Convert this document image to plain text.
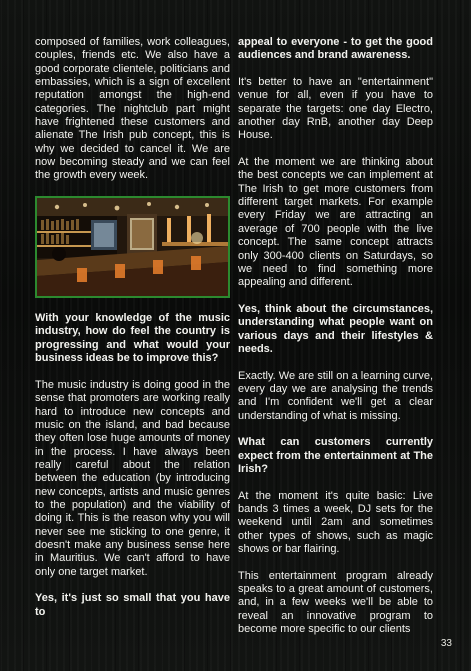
composed of families, work colleagues, couples, friends etc. We also have a good corporate clientele, politicians and embassies, which is a sign of excellent reputation amongst the high-end categories. The nightclub part might have frightened these customers and alienate The Irish pub concept, this is why we decided to cancel it. We are now becoming steady and we can feel the growth every week.

With your knowledge of the music industry, how do feel the country is progressing and what would your business ideas be to improve this?

The music industry is doing good in the sense that promoters are working really hard to introduce new concepts and music on the island, and bad because they often lose huge amounts of money in the process. I have always been really careful about the relation between the education (by introducing new concepts, artists and music genres to the population) and the viability of doing it. This is the reason why you will never see me sticking to one genre, it doesn't make any business sense here in Mauritius. We can't afford to have only one target market.

Yes, it's just so small that you have to

appeal to everyone - to get the good audiences and brand awareness.

It's better to have an "entertainment" venue for all, even if you have to separate the targets: one day Electro, another day RnB, another day Deep House.

At the moment we are thinking about the best concepts we can implement at The Irish to get more customers from different target markets. For example every Friday we are attracting an average of 700 people with the live concept. The same concept attracts only 300-400 clients on Saturdays, so we need to find something more appealing and different.

Yes, think about the circumstances, understanding what people want on various days and their lifestyles & needs.

Exactly. We are still on a learning curve, every day we are analysing the trends and I'm confident we'll get a clear understanding of what is missing.

What can customers currently expect from the entertainment at The Irish?

At the moment it's quite basic: Live bands 3 times a week, DJ sets for the weekend until 2am and sometimes other types of shows, such as magic shows or bar flairing.

This entertainment program already speaks to a great amount of customers, and, in a few weeks we'll be able to reveal an innovative program to become more specific to our clients

33
